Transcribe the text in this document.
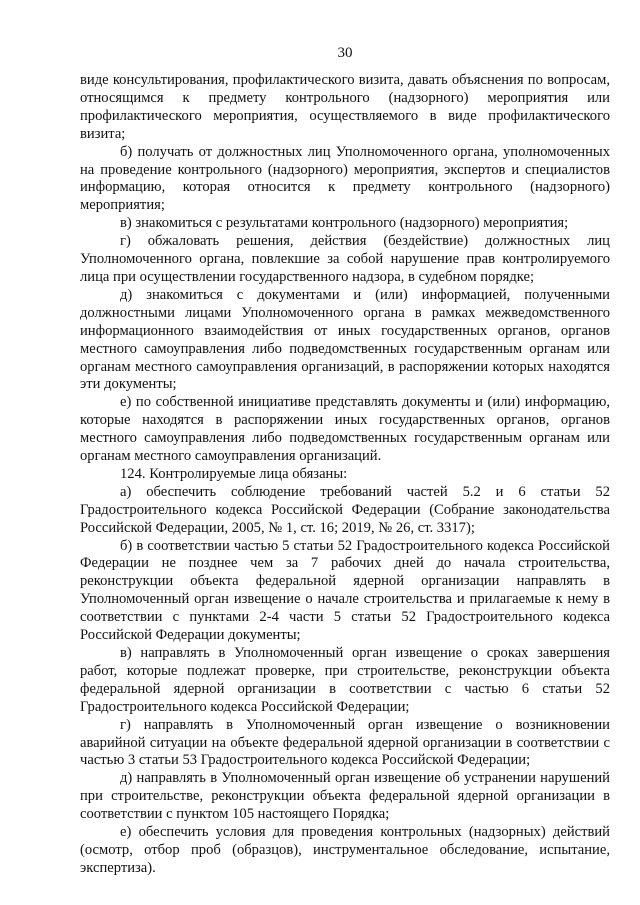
30

виде консультирования, профилактического визита, давать объяснения по вопросам, относящимся к предмету контрольного (надзорного) мероприятия или профилактического мероприятия, осуществляемого в виде профилактического визита;

б) получать от должностных лиц Уполномоченного органа, уполномоченных на проведение контрольного (надзорного) мероприятия, экспертов и специалистов информацию, которая относится к предмету контрольного (надзорного) мероприятия;

в) знакомиться с результатами контрольного (надзорного) мероприятия;

г) обжаловать решения, действия (бездействие) должностных лиц Уполномоченного органа, повлекшие за собой нарушение прав контролируемого лица при осуществлении государственного надзора, в судебном порядке;

д) знакомиться с документами и (или) информацией, полученными должностными лицами Уполномоченного органа в рамках межведомственного информационного взаимодействия от иных государственных органов, органов местного самоуправления либо подведомственных государственным органам или органам местного самоуправления организаций, в распоряжении которых находятся эти документы;

е) по собственной инициативе представлять документы и (или) информацию, которые находятся в распоряжении иных государственных органов, органов местного самоуправления либо подведомственных государственным органам или органам местного самоуправления организаций.

124. Контролируемые лица обязаны:

а) обеспечить соблюдение требований частей 5.2 и 6 статьи 52 Градостроительного кодекса Российской Федерации (Собрание законодательства Российской Федерации, 2005, № 1, ст. 16; 2019, № 26, ст. 3317);

б) в соответствии частью 5 статьи 52 Градостроительного кодекса Российской Федерации не позднее чем за 7 рабочих дней до начала строительства, реконструкции объекта федеральной ядерной организации направлять в Уполномоченный орган извещение о начале строительства и прилагаемые к нему в соответствии с пунктами 2-4 части 5 статьи 52 Градостроительного кодекса Российской Федерации документы;

в) направлять в Уполномоченный орган извещение о сроках завершения работ, которые подлежат проверке, при строительстве, реконструкции объекта федеральной ядерной организации в соответствии с частью 6 статьи 52 Градостроительного кодекса Российской Федерации;

г) направлять в Уполномоченный орган извещение о возникновении аварийной ситуации на объекте федеральной ядерной организации в соответствии с частью 3 статьи 53 Градостроительного кодекса Российской Федерации;

д) направлять в Уполномоченный орган извещение об устранении нарушений при строительстве, реконструкции объекта федеральной ядерной организации в соответствии с пунктом 105 настоящего Порядка;

е) обеспечить условия для проведения контрольных (надзорных) действий (осмотр, отбор проб (образцов), инструментальное обследование, испытание, экспертиза).
